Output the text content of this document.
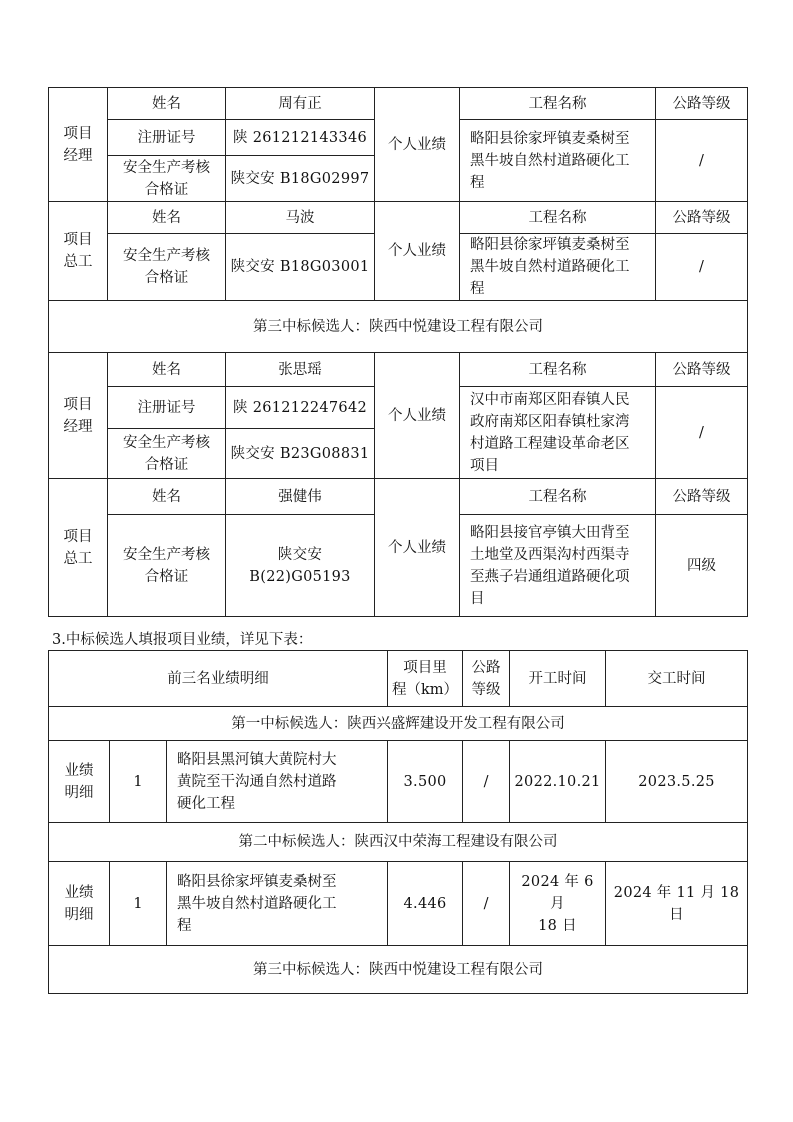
项目
经理	姓名	周有正	个人业绩	工程名称	公路等级
	注册证号	陕 261212143346		略阳县徐家坪镇麦桑树至
黑牛坡自然村道路硬化工
程	/
	安全生产考核
合格证	陕交安 B18G02997			
项目
总工	姓名	马波	个人业绩	工程名称	公路等级
	安全生产考核
合格证	陕交安 B18G03001		略阳县徐家坪镇麦桑树至
黑牛坡自然村道路硬化工
程	/
第三中标候选人：陕西中悦建设工程有限公司					
项目
经理	姓名	张思瑶	个人业绩	工程名称	公路等级
	注册证号	陕 261212247642		汉中市南郑区阳春镇人民
政府南郑区阳春镇杜家湾
村道路工程建设革命老区
项目	/
	安全生产考核
合格证	陕交安 B23G08831			
项目
总工	姓名	强健伟	个人业绩	工程名称	公路等级
	安全生产考核
合格证	陕交安
B(22)G05193		略阳县接官亭镇大田背至
土地堂及西渠沟村西渠寺
至燕子岩通组道路硬化项
目	四级
3.中标候选人填报项目业绩，详见下表：
前三名业绩明细			项目里
程（km）	公路
等级	开工时间	交工时间
第一中标候选人：陕西兴盛辉建设开发工程有限公司						
业绩
明细	1	略阳县黑河镇大黄院村大
黄院至干沟通自然村道路
硬化工程	3.500	/	2022.10.21	2023.5.25
第二中标候选人：陕西汉中荣海工程建设有限公司						
业绩
明细	1	略阳县徐家坪镇麦桑树至
黑牛坡自然村道路硬化工
程	4.446	/	2024 年 6 月
18 日	2024 年 11 月 18 日
第三中标候选人：陕西中悦建设工程有限公司						
